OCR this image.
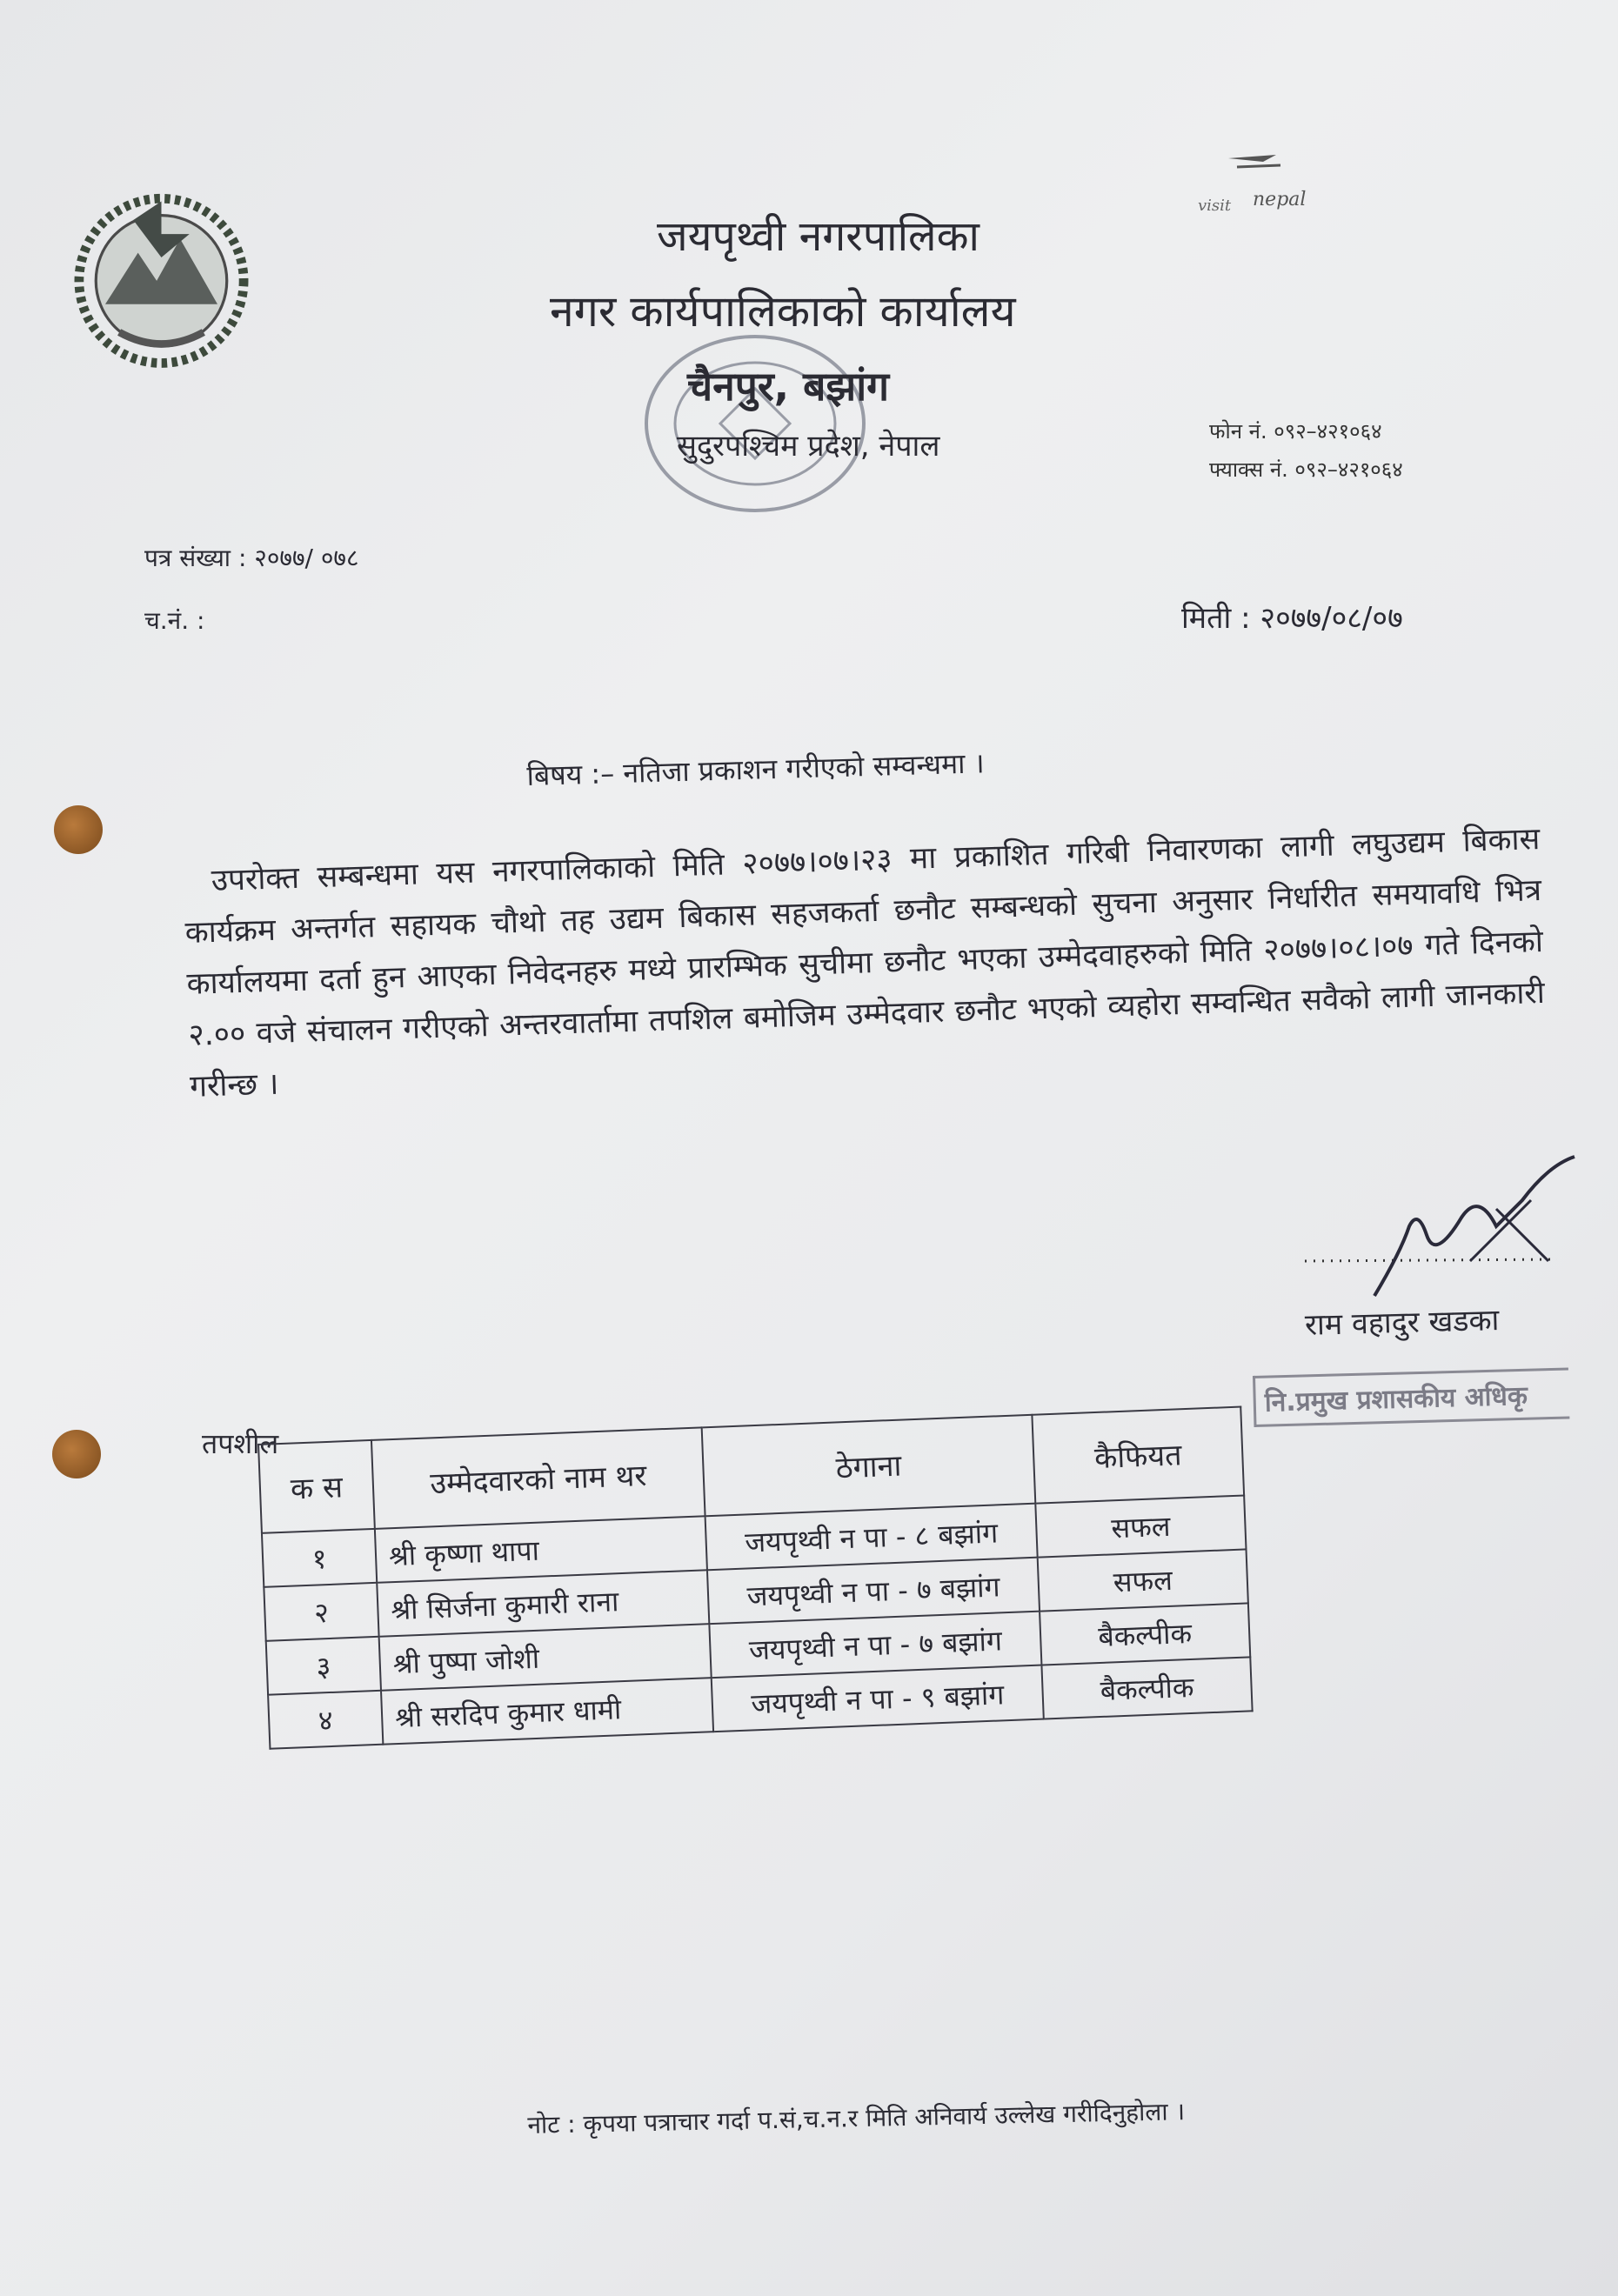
visit nepal
जयपृथ्वी नगरपालिका
नगर कार्यपालिकाको कार्यालय
चैनपुर, बझांग
सुदुरपश्चिम प्रदेश, नेपाल	फोन नं. ०९२–४२१०६४
फ्याक्स नं. ०९२–४२१०६४
पत्र संख्या : २०७७/ ०७८
च.नं. :	मिती : २०७७/०८/०७
बिषय :– नतिजा प्रकाशन गरीएको सम्वन्धमा ।

उपरोक्त सम्बन्धमा यस नगरपालिकाको मिति २०७७।०७।२३ मा प्रकाशित गरिबी निवारणका लागी लघुउद्यम बिकास कार्यक्रम अन्तर्गत सहायक चौथो तह उद्यम बिकास सहजकर्ता छनौट सम्बन्धको सुचना अनुसार निर्धारीत समयावधि भित्र कार्यालयमा दर्ता हुन आएका निवेदनहरु मध्ये प्रारम्भिक सुचीमा छनौट भएका उम्मेदवाहरुको मिति २०७७।०८।०७ गते दिनको २.०० वजे संचालन गरीएको अन्तरवार्तामा तपशिल बमोजिम उम्मेदवार छनौट भएको व्यहोरा सम्वन्धित सवैको लागी जानकारी गरीन्छ ।

राम वहादुर खडका
नि.प्रमुख प्रशासकीय अधिकृ
तपशील
क स	उम्मेदवारको नाम थर	ठेगाना	कैफियत
१	श्री कृष्णा थापा	जयपृथ्वी न पा - ८ बझांग	सफल
२	श्री सिर्जना कुमारी राना	जयपृथ्वी न पा - ७ बझांग	सफल
३	श्री पुष्पा जोशी	जयपृथ्वी न पा - ७ बझांग	बैकल्पीक
४	श्री सरदिप कुमार धामी	जयपृथ्वी न पा - ९ बझांग	बैकल्पीक
नोट : कृपया पत्राचार गर्दा प.सं,च.न.र मिति अनिवार्य उल्लेख गरीदिनुहोला ।
